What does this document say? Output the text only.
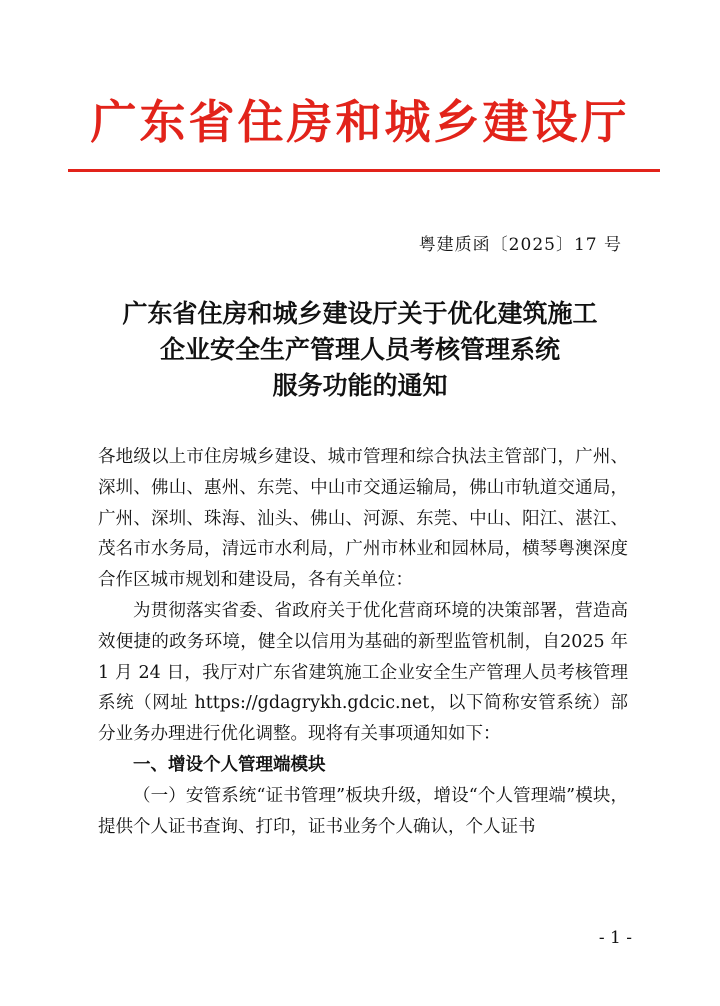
广东省住房和城乡建设厅
粤建质函〔2025〕17 号
广东省住房和城乡建设厅关于优化建筑施工
企业安全生产管理人员考核管理系统
服务功能的通知

各地级以上市住房城乡建设、城市管理和综合执法主管部门，广州、深圳、佛山、惠州、东莞、中山市交通运输局，佛山市轨道交通局，广州、深圳、珠海、汕头、佛山、河源、东莞、中山、阳江、湛江、茂名市水务局，清远市水利局，广州市林业和园林局，横琴粤澳深度合作区城市规划和建设局，各有关单位：

为贯彻落实省委、省政府关于优化营商环境的决策部署，营造高效便捷的政务环境，健全以信用为基础的新型监管机制，自2025 年 1 月 24 日，我厅对广东省建筑施工企业安全生产管理人员考核管理系统（网址 https://gdagrykh.gdcic.net，以下简称安管系统）部分业务办理进行优化调整。现将有关事项通知如下：

一、增设个人管理端模块

（一）安管系统“证书管理”板块升级，增设“个人管理端”模块，提供个人证书查询、打印，证书业务个人确认，个人证书

- 1 -
